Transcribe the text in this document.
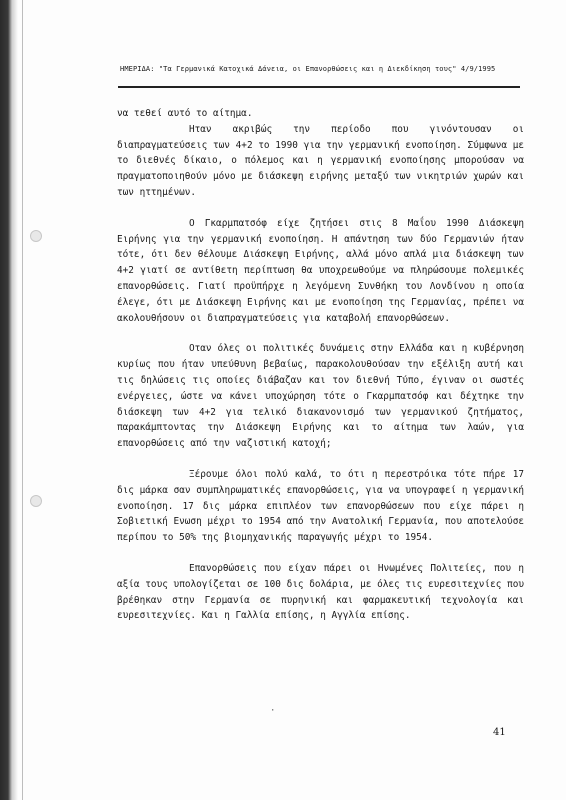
ΗΜΕΡΙΔΑ: "Τα Γερμανικά Κατοχικά Δάνεια, οι Επανορθώσεις και η Διεκδίκηση τους" 4/9/1995

να τεθεί αυτό το αίτημα.

Ηταν ακριβώς την περίοδο που γινόντουσαν οι διαπραγματεύσεις των 4+2 το 1990 για την γερμανική ενοποίηση. Σύμφωνα με το διεθνές δίκαιο, ο πόλεμος και η γερμανική ενοποίησης μπορούσαν να πραγματοποιηθούν μόνο με διάσκεψη ειρήνης μεταξύ των νικητριών χωρών και των ηττημένων.

Ο Γκαρμπατσόφ είχε ζητήσει στις 8 Μαΐου 1990 Διάσκεψη Ειρήνης για την γερμανική ενοποίηση. Η απάντηση των δύο Γερμανιών ήταν τότε, ότι δεν θέλουμε Διάσκεψη Ειρήνης, αλλά μόνο απλά μια διάσκεψη των 4+2 γιατί σε αντίθετη περίπτωση θα υποχρεωθούμε να πληρώσουμε πολεμικές επανορθώσεις. Γιατί προϋπήρχε η λεγόμενη Συνθήκη του Λονδίνου η οποία έλεγε, ότι με Διάσκεψη Ειρήνης και με ενοποίηση της Γερμανίας, πρέπει να ακολουθήσουν οι διαπραγματεύσεις για καταβολή επανορθώσεων.

Οταν όλες οι πολιτικές δυνάμεις στην Ελλάδα και η κυβέρνηση κυρίως που ήταν υπεύθυνη βεβαίως, παρακολουθούσαν την εξέλιξη αυτή και τις δηλώσεις τις οποίες διάβαζαν και τον διεθνή Τύπο, έγιναν οι σωστές ενέργειες, ώστε να κάνει υποχώρηση τότε ο Γκαρμπατσόφ και δέχτηκε την διάσκεψη των 4+2 για τελικό διακανονισμό των γερμανικού ζητήματος, παρακάμπτοντας την Διάσκεψη Ειρήνης και το αίτημα των λαών, για επανορθώσεις από την ναζιστική κατοχή;

Ξέρουμε όλοι πολύ καλά, το ότι η περεστρόικα τότε πήρε 17 δις μάρκα σαν συμπληρωματικές επανορθώσεις, για να υπογραφεί η γερμανική ενοποίηση. 17 δις μάρκα επιπλέον των επανορθώσεων που είχε πάρει η Σοβιετική Ενωση μέχρι το 1954 από την Ανατολική Γερμανία, που αποτελούσε περίπου το 50% της βιομηχανικής παραγωγής μέχρι το 1954.

Επανορθώσεις που είχαν πάρει οι Ηνωμένες Πολιτείες, που η αξία τους υπολογίζεται σε 100 δις δολάρια, με όλες τις ευρεσιτεχνίες που βρέθηκαν στην Γερμανία σε πυρηνική και φαρμακευτική τεχνολογία και ευρεσιτεχνίες. Και η Γαλλία επίσης, η Αγγλία επίσης.

·
41
